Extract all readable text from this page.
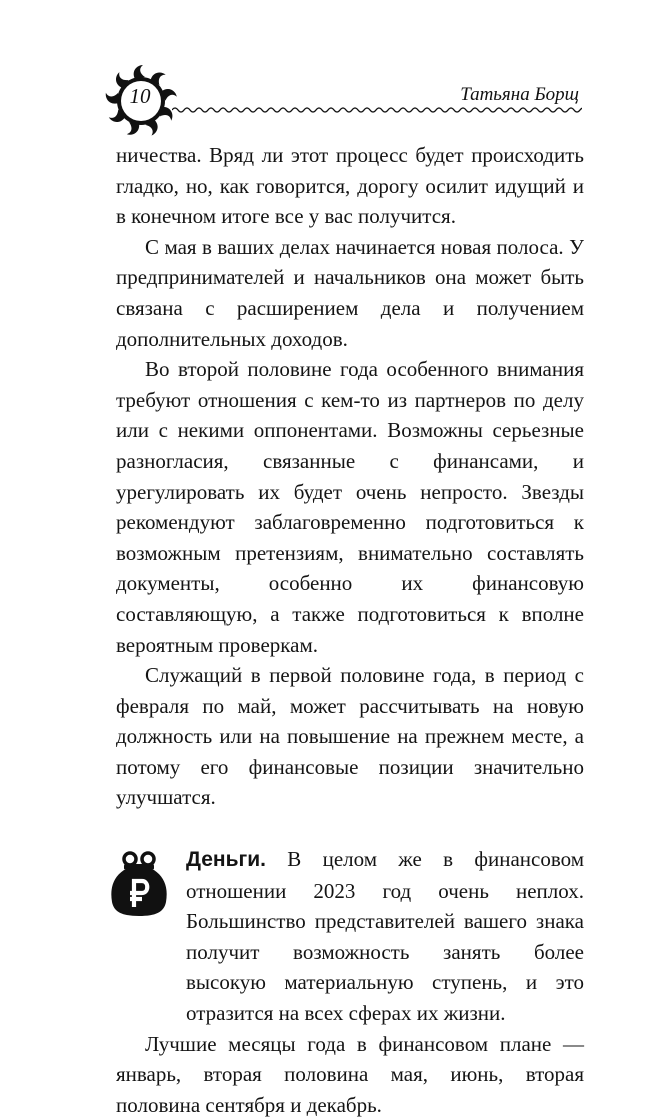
10	Татьяна Борщ

ничества. Вряд ли этот процесс будет происходить гладко, но, как говорится, дорогу осилит идущий и в конечном итоге все у вас получится.

С мая в ваших делах начинается новая полоса. У предпринимателей и начальников она может быть связана с расширением дела и получением дополнительных доходов.

Во второй половине года особенного внимания требуют отношения с кем-то из партнеров по делу или с некими оппонентами. Возможны серьезные разногласия, связанные с финансами, и урегулировать их будет очень непросто. Звезды рекомендуют заблаговременно подготовиться к возможным претензиям, внимательно составлять документы, особенно их финансовую составляющую, а также подготовиться к вполне вероятным проверкам.

Служащий в первой половине года, в период с февраля по май, может рассчитывать на новую должность или на повышение на прежнем месте, а потому его финансовые позиции значительно улучшатся.

Деньги. В целом же в финансовом отношении 2023 год очень неплох. Большинство представителей вашего знака получит возможность занять более высокую материальную ступень, и это отразится на всех сферах их жизни.

Лучшие месяцы года в финансовом плане — январь, вторая половина мая, июнь, вторая половина сентября и декабрь.
